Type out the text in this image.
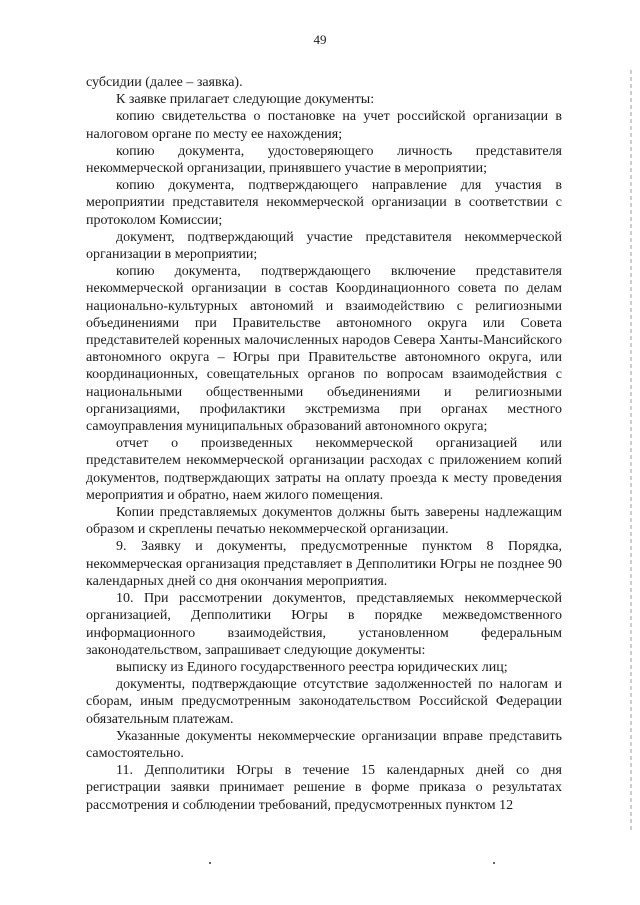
49

субсидии (далее – заявка).

К заявке прилагает следующие документы:

копию свидетельства о постановке на учет российской организации в налоговом органе по месту ее нахождения;

копию документа, удостоверяющего личность представителя некоммерческой организации, принявшего участие в мероприятии;

копию документа, подтверждающего направление для участия в мероприятии представителя некоммерческой организации в соответствии с протоколом Комиссии;

документ, подтверждающий участие представителя некоммерческой организации в мероприятии;

копию документа, подтверждающего включение представителя некоммерческой организации в состав Координационного совета по делам национально-культурных автономий и взаимодействию с религиозными объединениями при Правительстве автономного округа или Совета представителей коренных малочисленных народов Севера Ханты-Мансийского автономного округа – Югры при Правительстве автономного округа, или координационных, совещательных органов по вопросам взаимодействия с национальными общественными объединениями и религиозными организациями, профилактики экстремизма при органах местного самоуправления муниципальных образований автономного округа;

отчет о произведенных некоммерческой организацией или представителем некоммерческой организации расходах с приложением копий документов, подтверждающих затраты на оплату проезда к месту проведения мероприятия и обратно, наем жилого помещения.

Копии представляемых документов должны быть заверены надлежащим образом и скреплены печатью некоммерческой организации.

9. Заявку и документы, предусмотренные пунктом 8 Порядка, некоммерческая организация представляет в Депполитики Югры не позднее 90 календарных дней со дня окончания мероприятия.

10. При рассмотрении документов, представляемых некоммерческой организацией, Депполитики Югры в порядке межведомственного информационного взаимодействия, установленном федеральным законодательством, запрашивает следующие документы:

выписку из Единого государственного реестра юридических лиц;

документы, подтверждающие отсутствие задолженностей по налогам и сборам, иным предусмотренным законодательством Российской Федерации обязательным платежам.

Указанные документы некоммерческие организации вправе представить самостоятельно.

11. Депполитики Югры в течение 15 календарных дней со дня регистрации заявки принимает решение в форме приказа о результатах рассмотрения и соблюдении требований, предусмотренных пунктом 12
